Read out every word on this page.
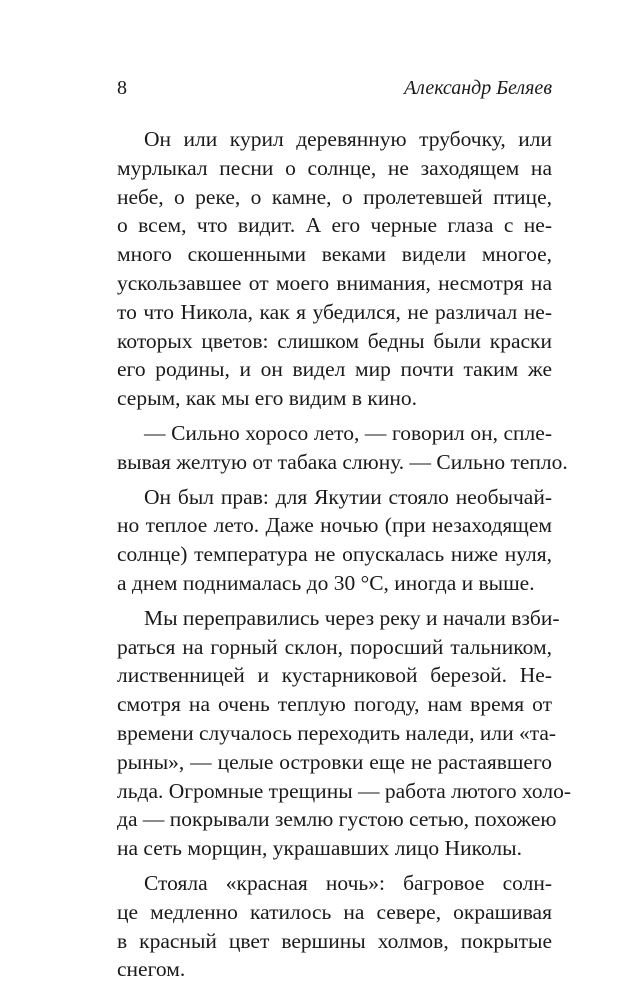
8	Александр Беляев
Он или курил деревянную трубочку, или
мурлыкал песни о солнце, не заходящем на
небе, о реке, о камне, о пролетевшей птице,
о всем, что видит. А его черные глаза с не-
много скошенными веками видели многое,
ускользавшее от моего внимания, несмотря на
то что Никола, как я убедился, не различал не-
которых цветов: слишком бедны были краски
его родины, и он видел мир почти таким же
серым, как мы его видим в кино.
— Сильно хоросо лето, — говорил он, сплe-
вывая желтую от табака слюну. — Сильно тепло.
Он был прав: для Якутии стояло необычай-
но теплое лето. Даже ночью (при незаходящем
солнце) температура не опускалась ниже нуля,
а днем поднималась до 30 °С, иногда и выше.
Мы переправились через реку и начали взби-
раться на горный склон, поросший тальником,
лиственницей и кустарниковой березой. Не-
смотря на очень теплую погоду, нам время от
времени случалось переходить наледи, или «та-
рыны», — целые островки еще не растаявшего
льда. Огромные трещины — работа лютого холо-
да — покрывали землю густою сетью, похожею
на сеть морщин, украшавших лицо Николы.
Стояла «красная ночь»: багровое солн-
це медленно катилось на севере, окрашивая
в красный цвет вершины холмов, покрытые
снегом.
